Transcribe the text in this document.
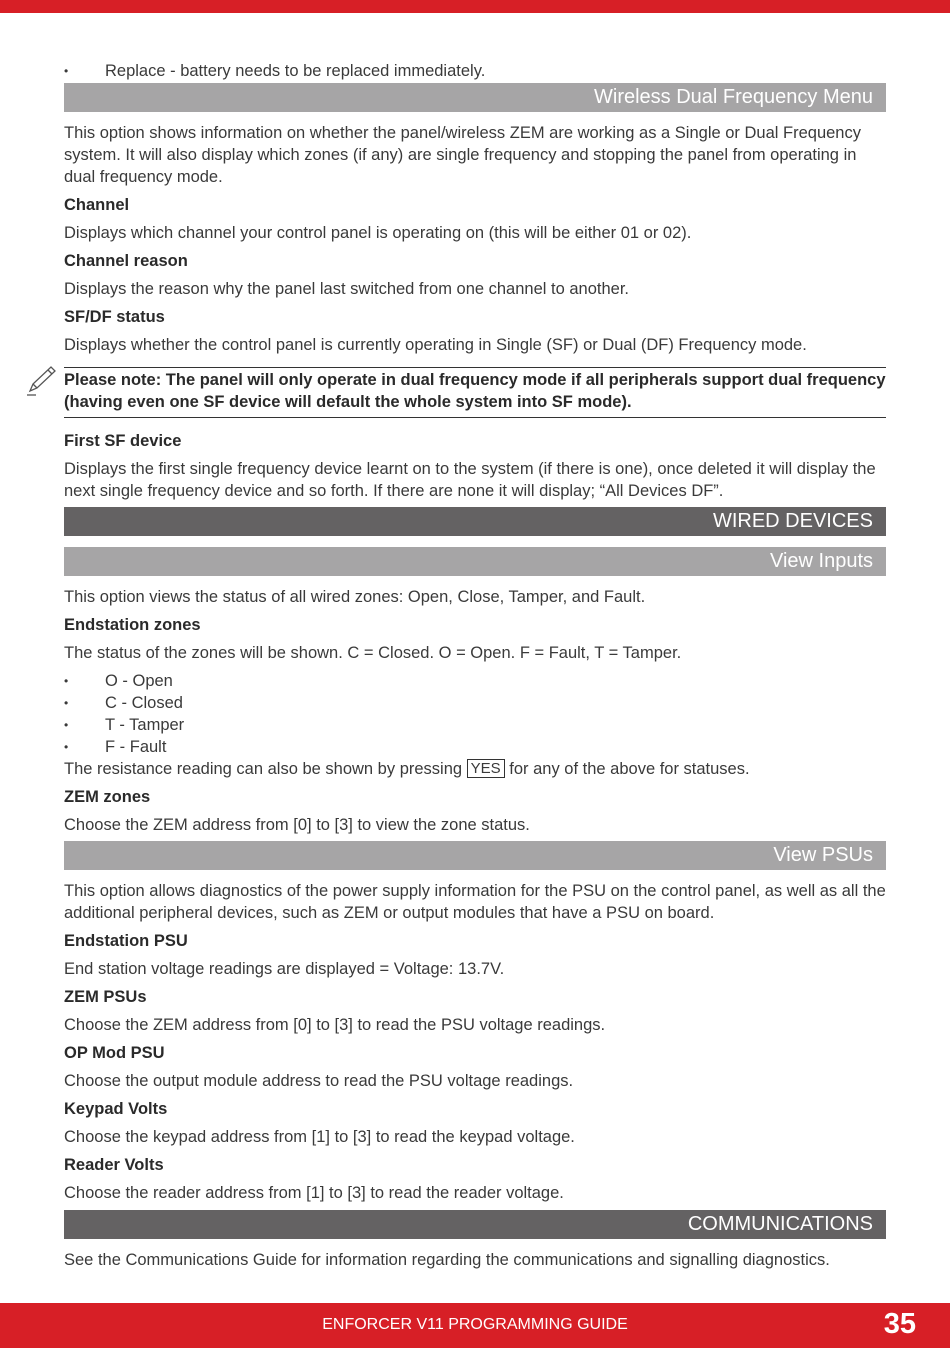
• Replace - battery needs to be replaced immediately.
Wireless Dual Frequency Menu
This option shows information on whether the panel/wireless ZEM are working as a Single or Dual Frequency system. It will also display which zones (if any) are single frequency and stopping the panel from operating in dual frequency mode.
Channel
Displays which channel your control panel is operating on (this will be either 01 or 02).
Channel reason
Displays the reason why the panel last switched from one channel to another.
SF/DF status
Displays whether the control panel is currently operating in Single (SF) or Dual (DF) Frequency mode.
Please note: The panel will only operate in dual frequency mode if all peripherals support dual frequency (having even one SF device will default the whole system into SF mode).
First SF device
Displays the first single frequency device learnt on to the system (if there is one), once deleted it will display the next single frequency device and so forth. If there are none it will display; “All Devices DF”.
WIRED DEVICES
View Inputs
This option views the status of all wired zones: Open, Close, Tamper, and Fault.
Endstation zones
The status of the zones will be shown. C = Closed. O = Open. F = Fault, T = Tamper.
• O - Open
• C - Closed
• T - Tamper
• F - Fault
The resistance reading can also be shown by pressing YES for any of the above for statuses.
ZEM zones
Choose the ZEM address from [0] to [3] to view the zone status.
View PSUs
This option allows diagnostics of the power supply information for the PSU on the control panel, as well as all the additional peripheral devices, such as ZEM or output modules that have a PSU on board.
Endstation PSU
End station voltage readings are displayed = Voltage: 13.7V.
ZEM PSUs
Choose the ZEM address from [0] to [3] to read the PSU voltage readings.
OP Mod PSU
Choose the output module address to read the PSU voltage readings.
Keypad Volts
Choose the keypad address from [1] to [3] to read the keypad voltage.
Reader Volts
Choose the reader address from [1] to [3] to read the reader voltage.
COMMUNICATIONS
See the Communications Guide for information regarding the communications and signalling diagnostics.
ENFORCER V11 PROGRAMMING GUIDE	35
